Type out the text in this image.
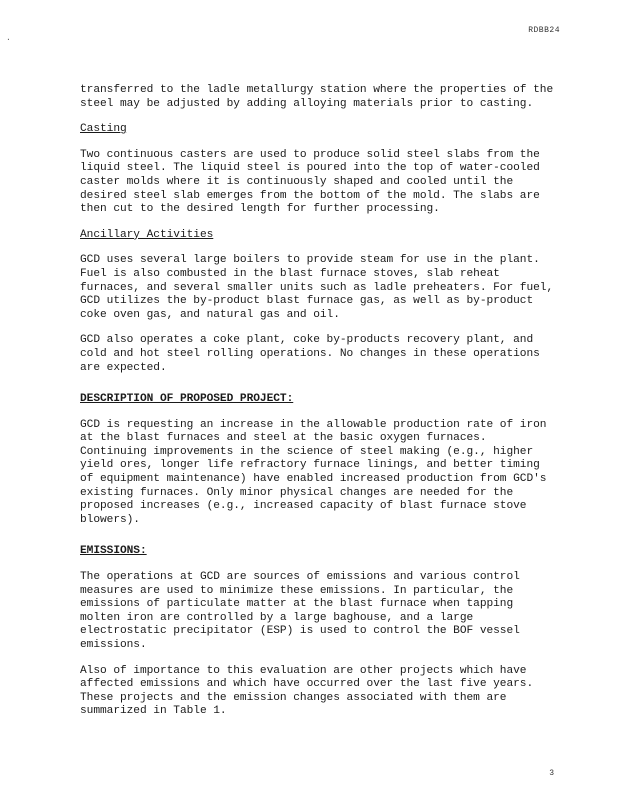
.
RDBB24

transferred to the ladle metallurgy station where the properties of the steel may be adjusted by adding alloying materials prior to casting.

Casting

Two continuous casters are used to produce solid steel slabs from the liquid steel. The liquid steel is poured into the top of water-cooled caster molds where it is continuously shaped and cooled until the desired steel slab emerges from the bottom of the mold. The slabs are then cut to the desired length for further processing.

Ancillary Activities

GCD uses several large boilers to provide steam for use in the plant. Fuel is also combusted in the blast furnace stoves, slab reheat furnaces, and several smaller units such as ladle preheaters. For fuel, GCD utilizes the by-product blast furnace gas, as well as by-product coke oven gas, and natural gas and oil.

GCD also operates a coke plant, coke by-products recovery plant, and cold and hot steel rolling operations. No changes in these operations are expected.

DESCRIPTION OF PROPOSED PROJECT:

GCD is requesting an increase in the allowable production rate of iron at the blast furnaces and steel at the basic oxygen furnaces. Continuing improvements in the science of steel making (e.g., higher yield ores, longer life refractory furnace linings, and better timing of equipment maintenance) have enabled increased production from GCD's existing furnaces. Only minor physical changes are needed for the proposed increases (e.g., increased capacity of blast furnace stove blowers).

EMISSIONS:

The operations at GCD are sources of emissions and various control measures are used to minimize these emissions. In particular, the emissions of particulate matter at the blast furnace when tapping molten iron are controlled by a large baghouse, and a large electrostatic precipitator (ESP) is used to control the BOF vessel emissions.

Also of importance to this evaluation are other projects which have affected emissions and which have occurred over the last five years. These projects and the emission changes associated with them are summarized in Table 1.

3
